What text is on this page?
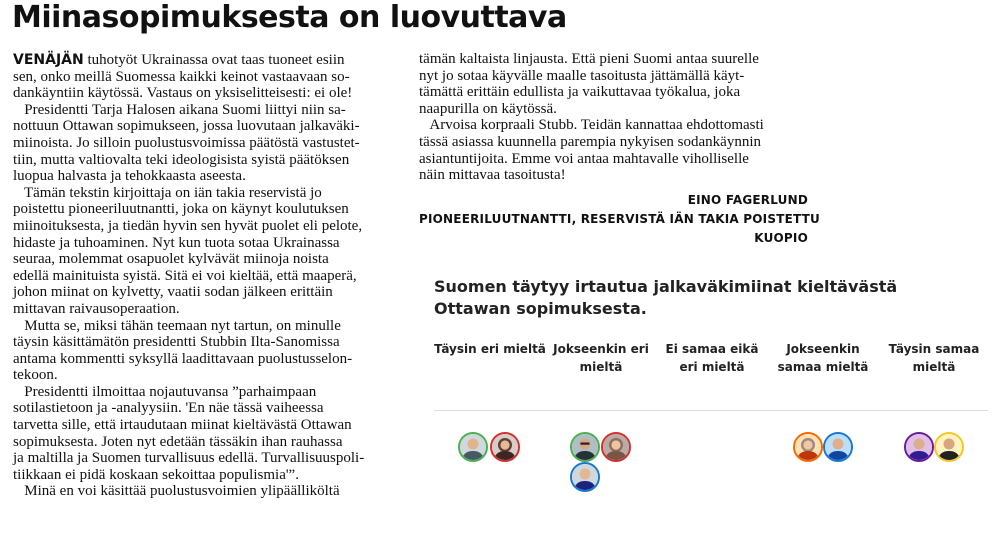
Miinasopimuksesta on luovuttava
VENÄJÄN tuhotyöt Ukrainassa ovat taas tuoneet esiin
sen, onko meillä Suomessa kaikki keinot vastaavaan so-
dankäyntiin käytössä. Vastaus on yksiselitteisesti: ei ole!
Presidentti Tarja Halosen aikana Suomi liittyi niin sa-
nottuun Ottawan sopimukseen, jossa luovutaan jalkaväki-
miinoista. Jo silloin puolustusvoimissa päätöstä vastustet-
tiin, mutta valtiovalta teki ideologisista syistä päätöksen
luopua halvasta ja tehokkaasta aseesta.
Tämän tekstin kirjoittaja on iän takia reservistä jo
poistettu pioneeriluutnantti, joka on käynyt koulutuksen
miinoituksesta, ja tiedän hyvin sen hyvät puolet eli pelote,
hidaste ja tuhoaminen. Nyt kun tuota sotaa Ukrainassa
seuraa, molemmat osapuolet kylvävät miinoja noista
edellä mainituista syistä. Sitä ei voi kieltää, että maaperä,
johon miinat on kylvetty, vaatii sodan jälkeen erittäin
mittavan raivausoperaation.
Mutta se, miksi tähän teemaan nyt tartun, on minulle
täysin käsittämätön presidentti Stubbin Ilta-Sanomissa
antama kommentti syksyllä laadittavaan puolustusselon-
tekoon.
Presidentti ilmoittaa nojautuvansa ”parhaimpaan
sotilastietoon ja -analyysiin. 'En näe tässä vaiheessa
tarvetta sille, että irtaudutaan miinat kieltävästä Ottawan
sopimuksesta. Joten nyt edetään tässäkin ihan rauhassa
ja maltilla ja Suomen turvallisuus edellä. Turvallisuuspoli-
tiikkaan ei pidä koskaan sekoittaa populismia'”.
Minä en voi käsittää puolustusvoimien ylipäälliköltä
tämän kaltaista linjausta. Että pieni Suomi antaa suurelle
nyt jo sotaa käyvälle maalle tasoitusta jättämällä käyt-
tämättä erittäin edullista ja vaikuttavaa työkalua, joka
naapurilla on käytössä.
Arvoisa korpraali Stubb. Teidän kannattaa ehdottomasti
tässä asiassa kuunnella parempia nykyisen sodankäynnin
asiantuntijoita. Emme voi antaa mahtavalle viholliselle
näin mittavaa tasoitusta!
EINO FAGERLUND
PIONEERILUUTNANTTI, RESERVISTÄ IÄN TAKIA POISTETTU
KUOPIO
Suomen täytyy irtautua jalkaväkimiinat kieltävästä Ottawan sopimuksesta.
Täysin eri mieltä Jokseenkin eri mieltä
Ei samaa eikä eri mieltä
Jokseenkin samaa mieltä
Täysin samaa mieltä
